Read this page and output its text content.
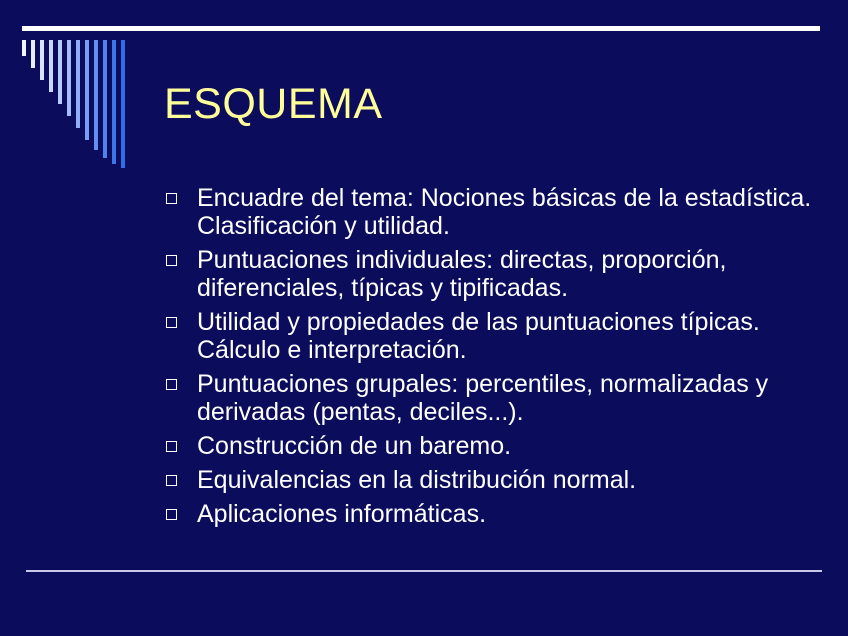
ESQUEMA
Encuadre del tema: Nociones básicas de la estadística. Clasificación y utilidad.
Puntuaciones individuales: directas, proporción, diferenciales, típicas y tipificadas.
Utilidad y propiedades de las puntuaciones típicas. Cálculo e interpretación.
Puntuaciones grupales: percentiles, normalizadas y derivadas (pentas, deciles...).
Construcción de un baremo.
Equivalencias en la distribución normal.
Aplicaciones informáticas.
